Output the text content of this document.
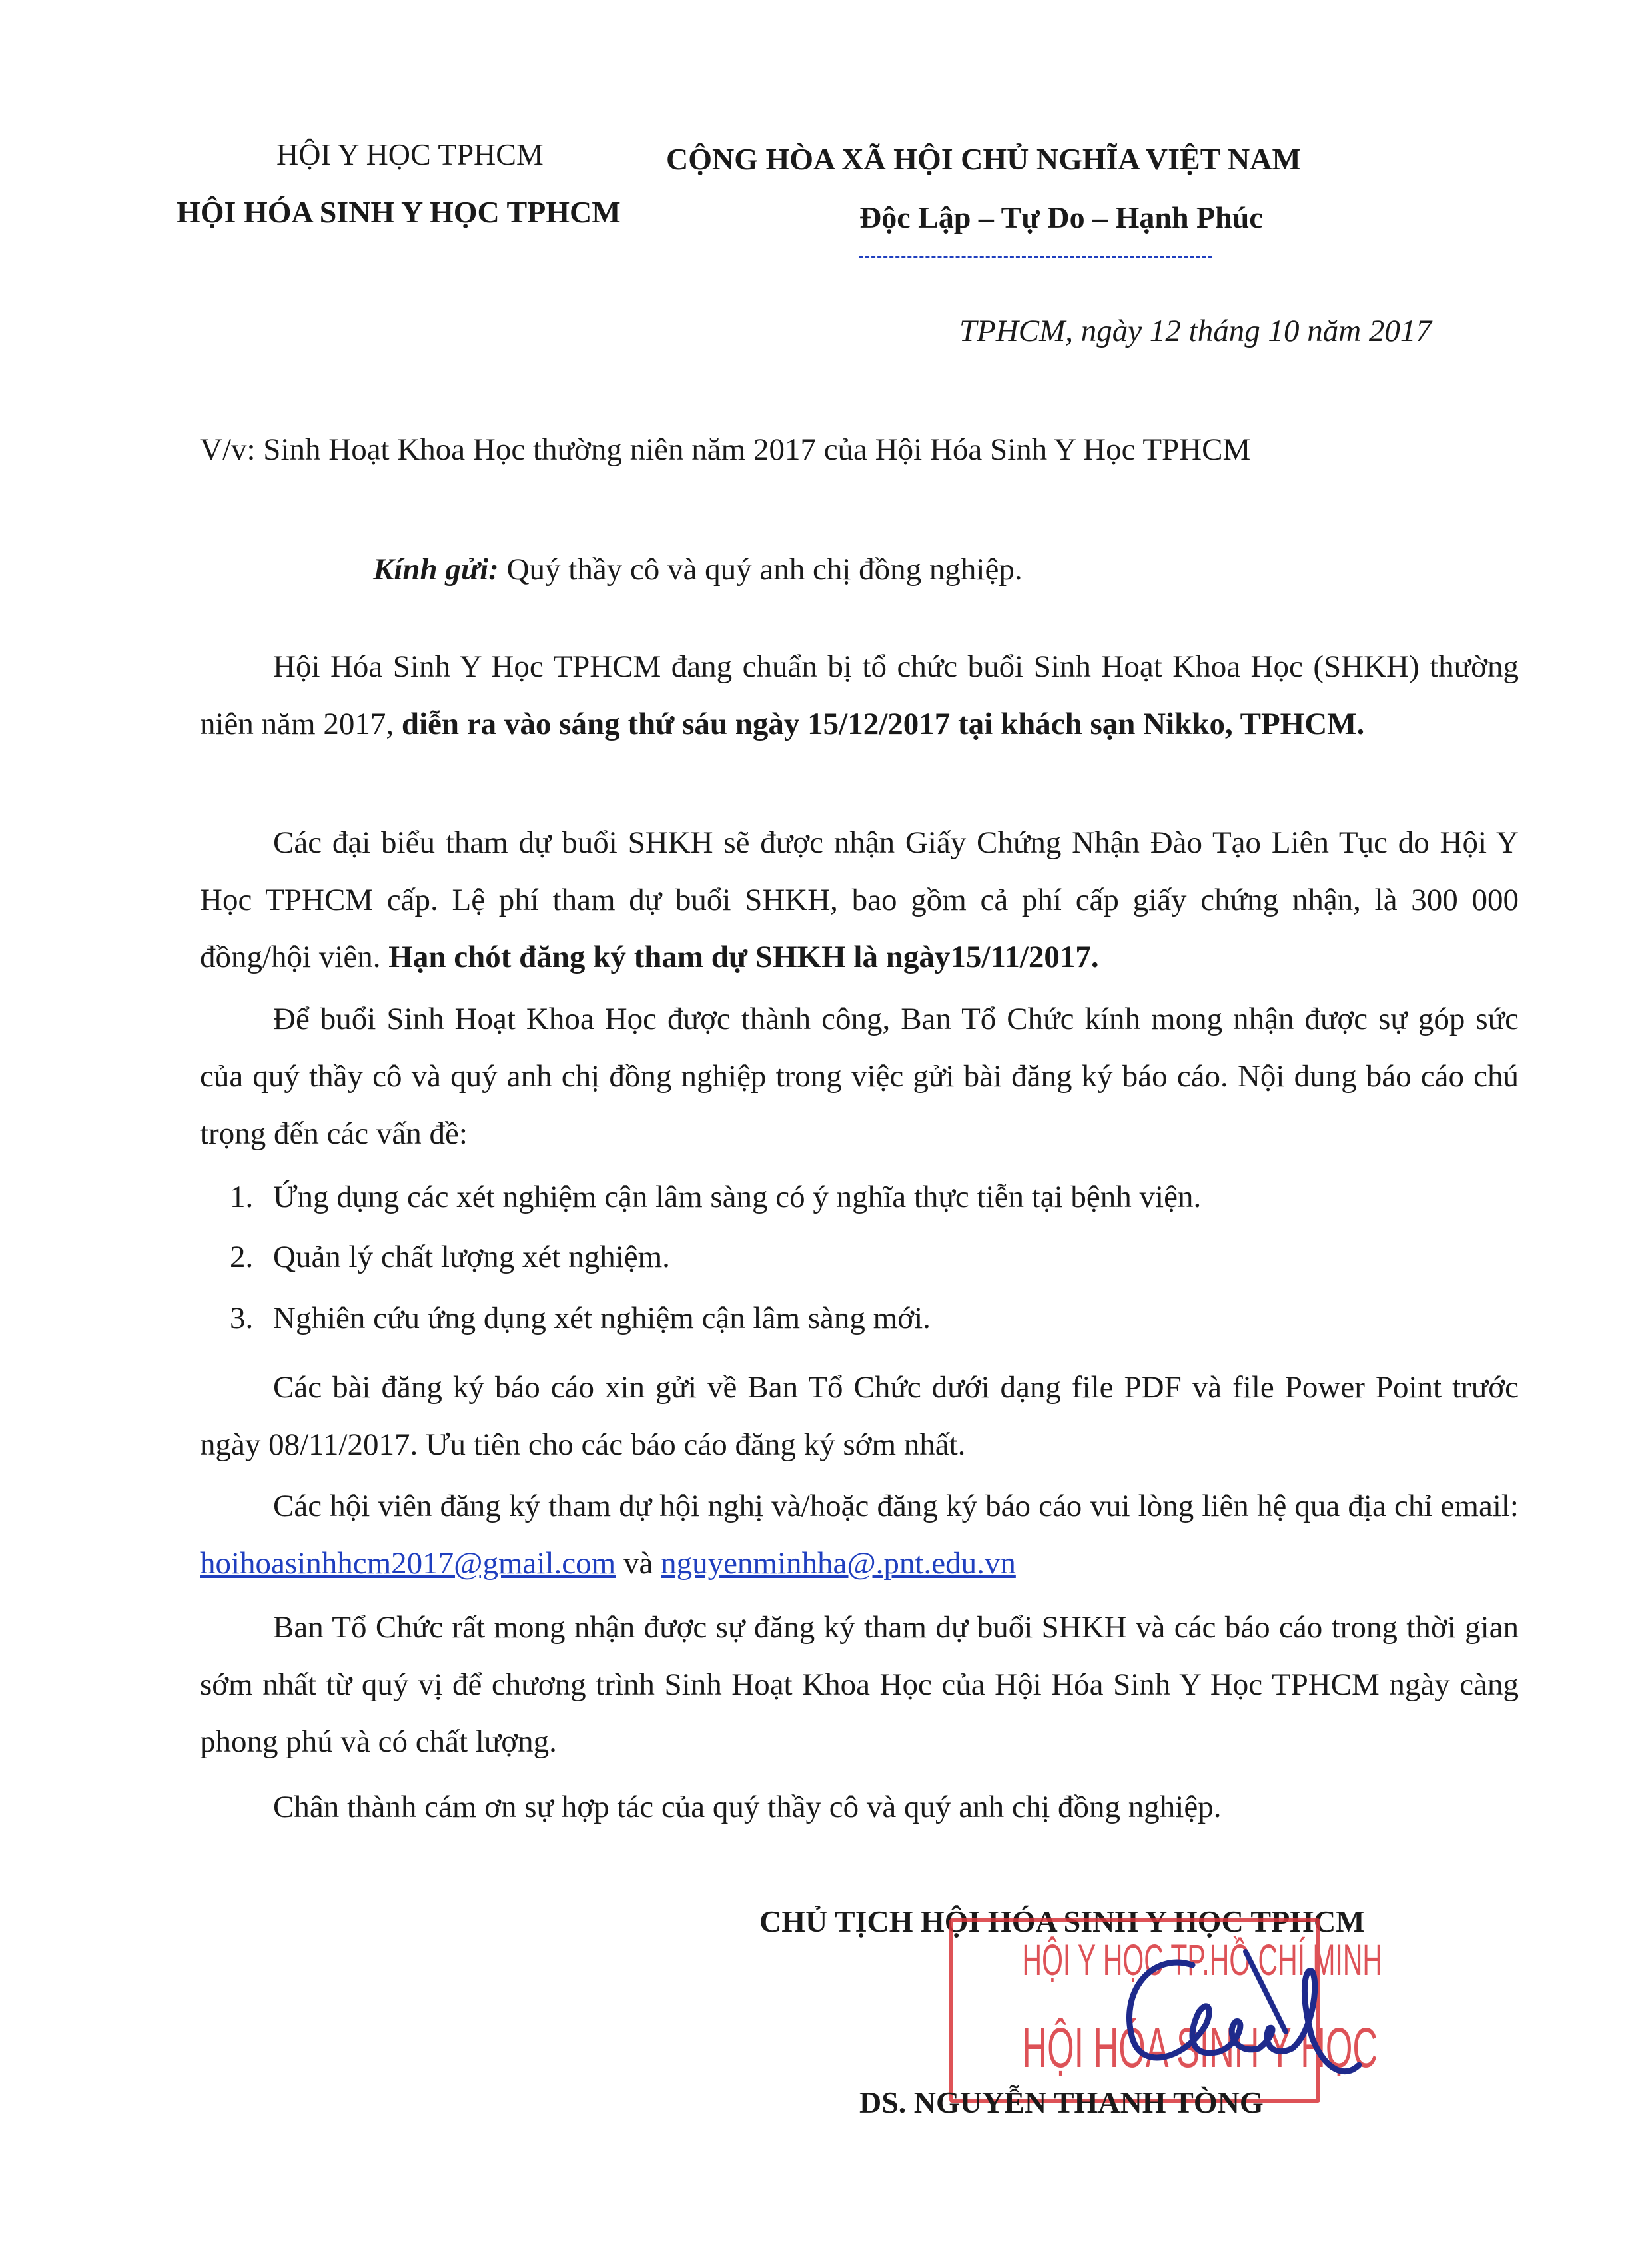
HỘI Y HỌC TPHCM
HỘI HÓA SINH Y HỌC TPHCM
CỘNG HÒA XÃ HỘI CHỦ NGHĨA VIỆT NAM
Độc Lập – Tự Do – Hạnh Phúc
TPHCM, ngày 12 tháng 10 năm 2017
V/v: Sinh Hoạt Khoa Học thường niên năm 2017 của Hội Hóa Sinh Y Học TPHCM
Kính gửi: Quý thầy cô và quý anh chị đồng nghiệp.
Hội Hóa Sinh Y Học TPHCM đang chuẩn bị tổ chức buổi Sinh Hoạt Khoa Học (SHKH) thường niên năm 2017, diễn ra vào sáng thứ sáu ngày 15/12/2017 tại khách sạn Nikko, TPHCM.
Các đại biểu tham dự buổi SHKH sẽ được nhận Giấy Chứng Nhận Đào Tạo Liên Tục do Hội Y Học TPHCM cấp. Lệ phí tham dự buổi SHKH, bao gồm cả phí cấp giấy chứng nhận, là 300 000 đồng/hội viên. Hạn chót đăng ký tham dự SHKH là ngày15/11/2017.
Để buổi Sinh Hoạt Khoa Học được thành công, Ban Tổ Chức kính mong nhận được sự góp sức của quý thầy cô và quý anh chị đồng nghiệp trong việc gửi bài đăng ký báo cáo. Nội dung báo cáo chú trọng đến các vấn đề:
1. Ứng dụng các xét nghiệm cận lâm sàng có ý nghĩa thực tiễn tại bệnh viện.
2. Quản lý chất lượng xét nghiệm.
3. Nghiên cứu ứng dụng xét nghiệm cận lâm sàng mới.
Các bài đăng ký báo cáo xin gửi về Ban Tổ Chức dưới dạng file PDF và file Power Point trước ngày 08/11/2017. Ưu tiên cho các báo cáo đăng ký sớm nhất.
Các hội viên đăng ký tham dự hội nghị và/hoặc đăng ký báo cáo vui lòng liên hệ qua địa chỉ email: hoihoasinhhcm2017@gmail.com và nguyenminhha@.pnt.edu.vn
Ban Tổ Chức rất mong nhận được sự đăng ký tham dự buổi SHKH và các báo cáo trong thời gian sớm nhất từ quý vị để chương trình Sinh Hoạt Khoa Học của Hội Hóa Sinh Y Học TPHCM ngày càng phong phú và có chất lượng.
Chân thành cám ơn sự hợp tác của quý thầy cô và quý anh chị đồng nghiệp.
CHỦ TỊCH HỘI HÓA SINH Y HỌC TPHCM
HỘI Y HỌC TP.HỒ CHÍ MINH
HỘI HÓA SINH Y HỌC
DS. NGUYỄN THANH TÒNG
